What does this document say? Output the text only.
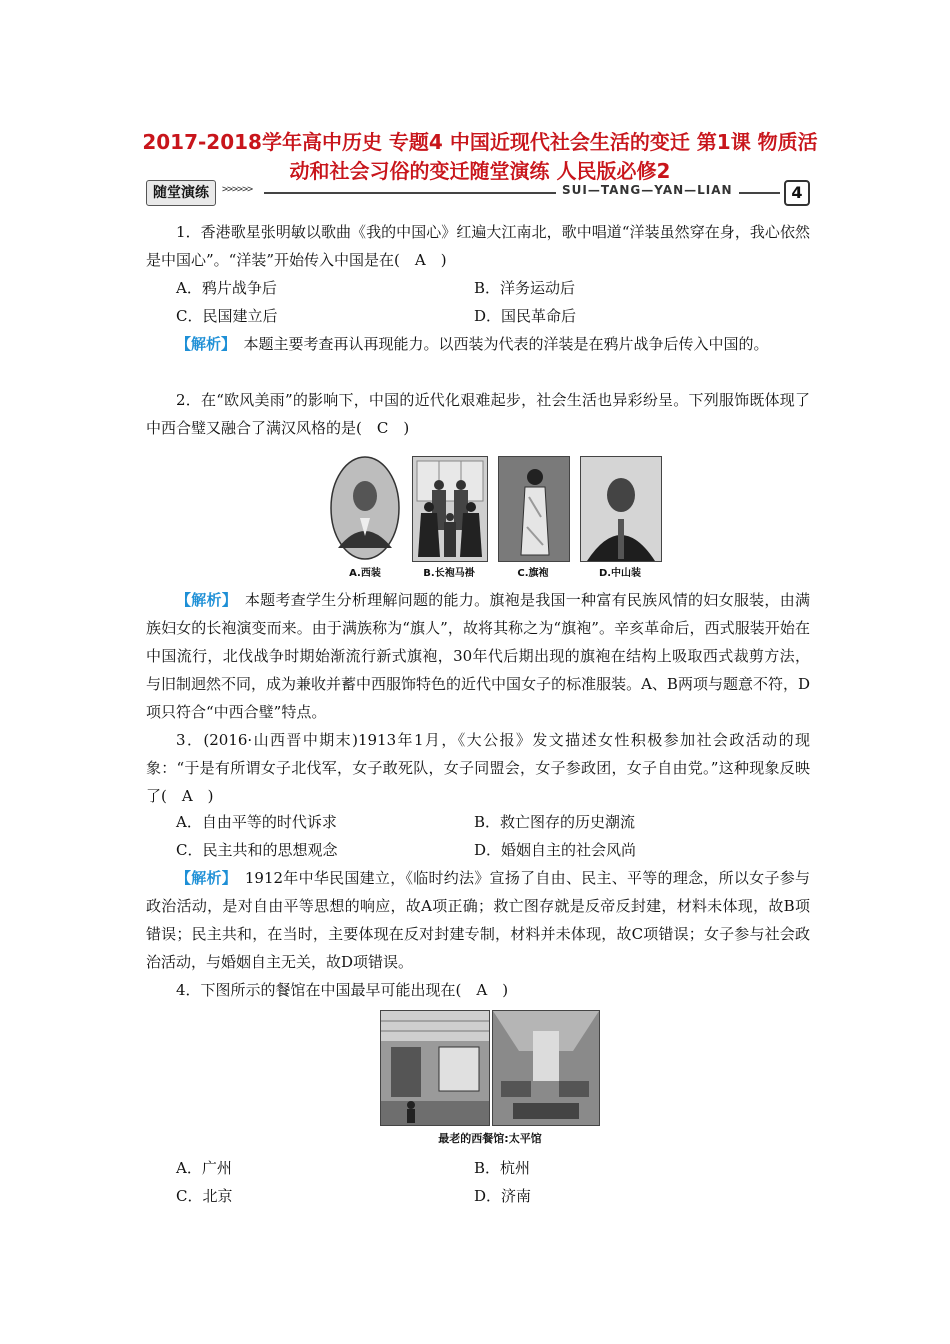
2017-2018学年高中历史 专题4 中国近现代社会生活的变迁 第1课 物质活动和社会习俗的变迁随堂演练 人民版必修2
随堂演练	>>>>>>	SUI—TANG—YAN—LIAN	4
1．香港歌星张明敏以歌曲《我的中国心》红遍大江南北，歌中唱道“洋装虽然穿在身，我心依然是中国心”。“洋装”开始传入中国是在(　A　)
A．鸦片战争后	B．洋务运动后
C．民国建立后	D．国民革命后
【解析】　本题主要考查再认再现能力。以西装为代表的洋装是在鸦片战争后传入中国的。
2．在“欧风美雨”的影响下，中国的近代化艰难起步，社会生活也异彩纷呈。下列服饰既体现了中西合璧又融合了满汉风格的是(　C　)
A.西装	B.长袍马褂	C.旗袍	D.中山装
【解析】　本题考查学生分析理解问题的能力。旗袍是我国一种富有民族风情的妇女服装，由满族妇女的长袍演变而来。由于满族称为“旗人”，故将其称之为“旗袍”。辛亥革命后，西式服装开始在中国流行，北伐战争时期始渐流行新式旗袍，30年代后期出现的旗袍在结构上吸取西式裁剪方法，与旧制迥然不同，成为兼收并蓄中西服饰特色的近代中国女子的标准服装。A、B两项与题意不符，D项只符合“中西合璧”特点。
3．(2016·山西晋中期末)1913年1月，《大公报》发文描述女性积极参加社会政活动的现象：“于是有所谓女子北伐军，女子敢死队，女子同盟会，女子参政团，女子自由党。”这种现象反映了(　A　)
A．自由平等的时代诉求	B．救亡图存的历史潮流
C．民主共和的思想观念	D．婚姻自主的社会风尚
【解析】　1912年中华民国建立，《临时约法》宣扬了自由、民主、平等的理念，所以女子参与政治活动，是对自由平等思想的响应，故A项正确；救亡图存就是反帝反封建，材料未体现，故B项错误；民主共和，在当时，主要体现在反对封建专制，材料并未体现，故C项错误；女子参与社会政治活动，与婚姻自主无关，故D项错误。
4．下图所示的餐馆在中国最早可能出现在(　A　)
最老的西餐馆:太平馆
A．广州	B．杭州
C．北京	D．济南
